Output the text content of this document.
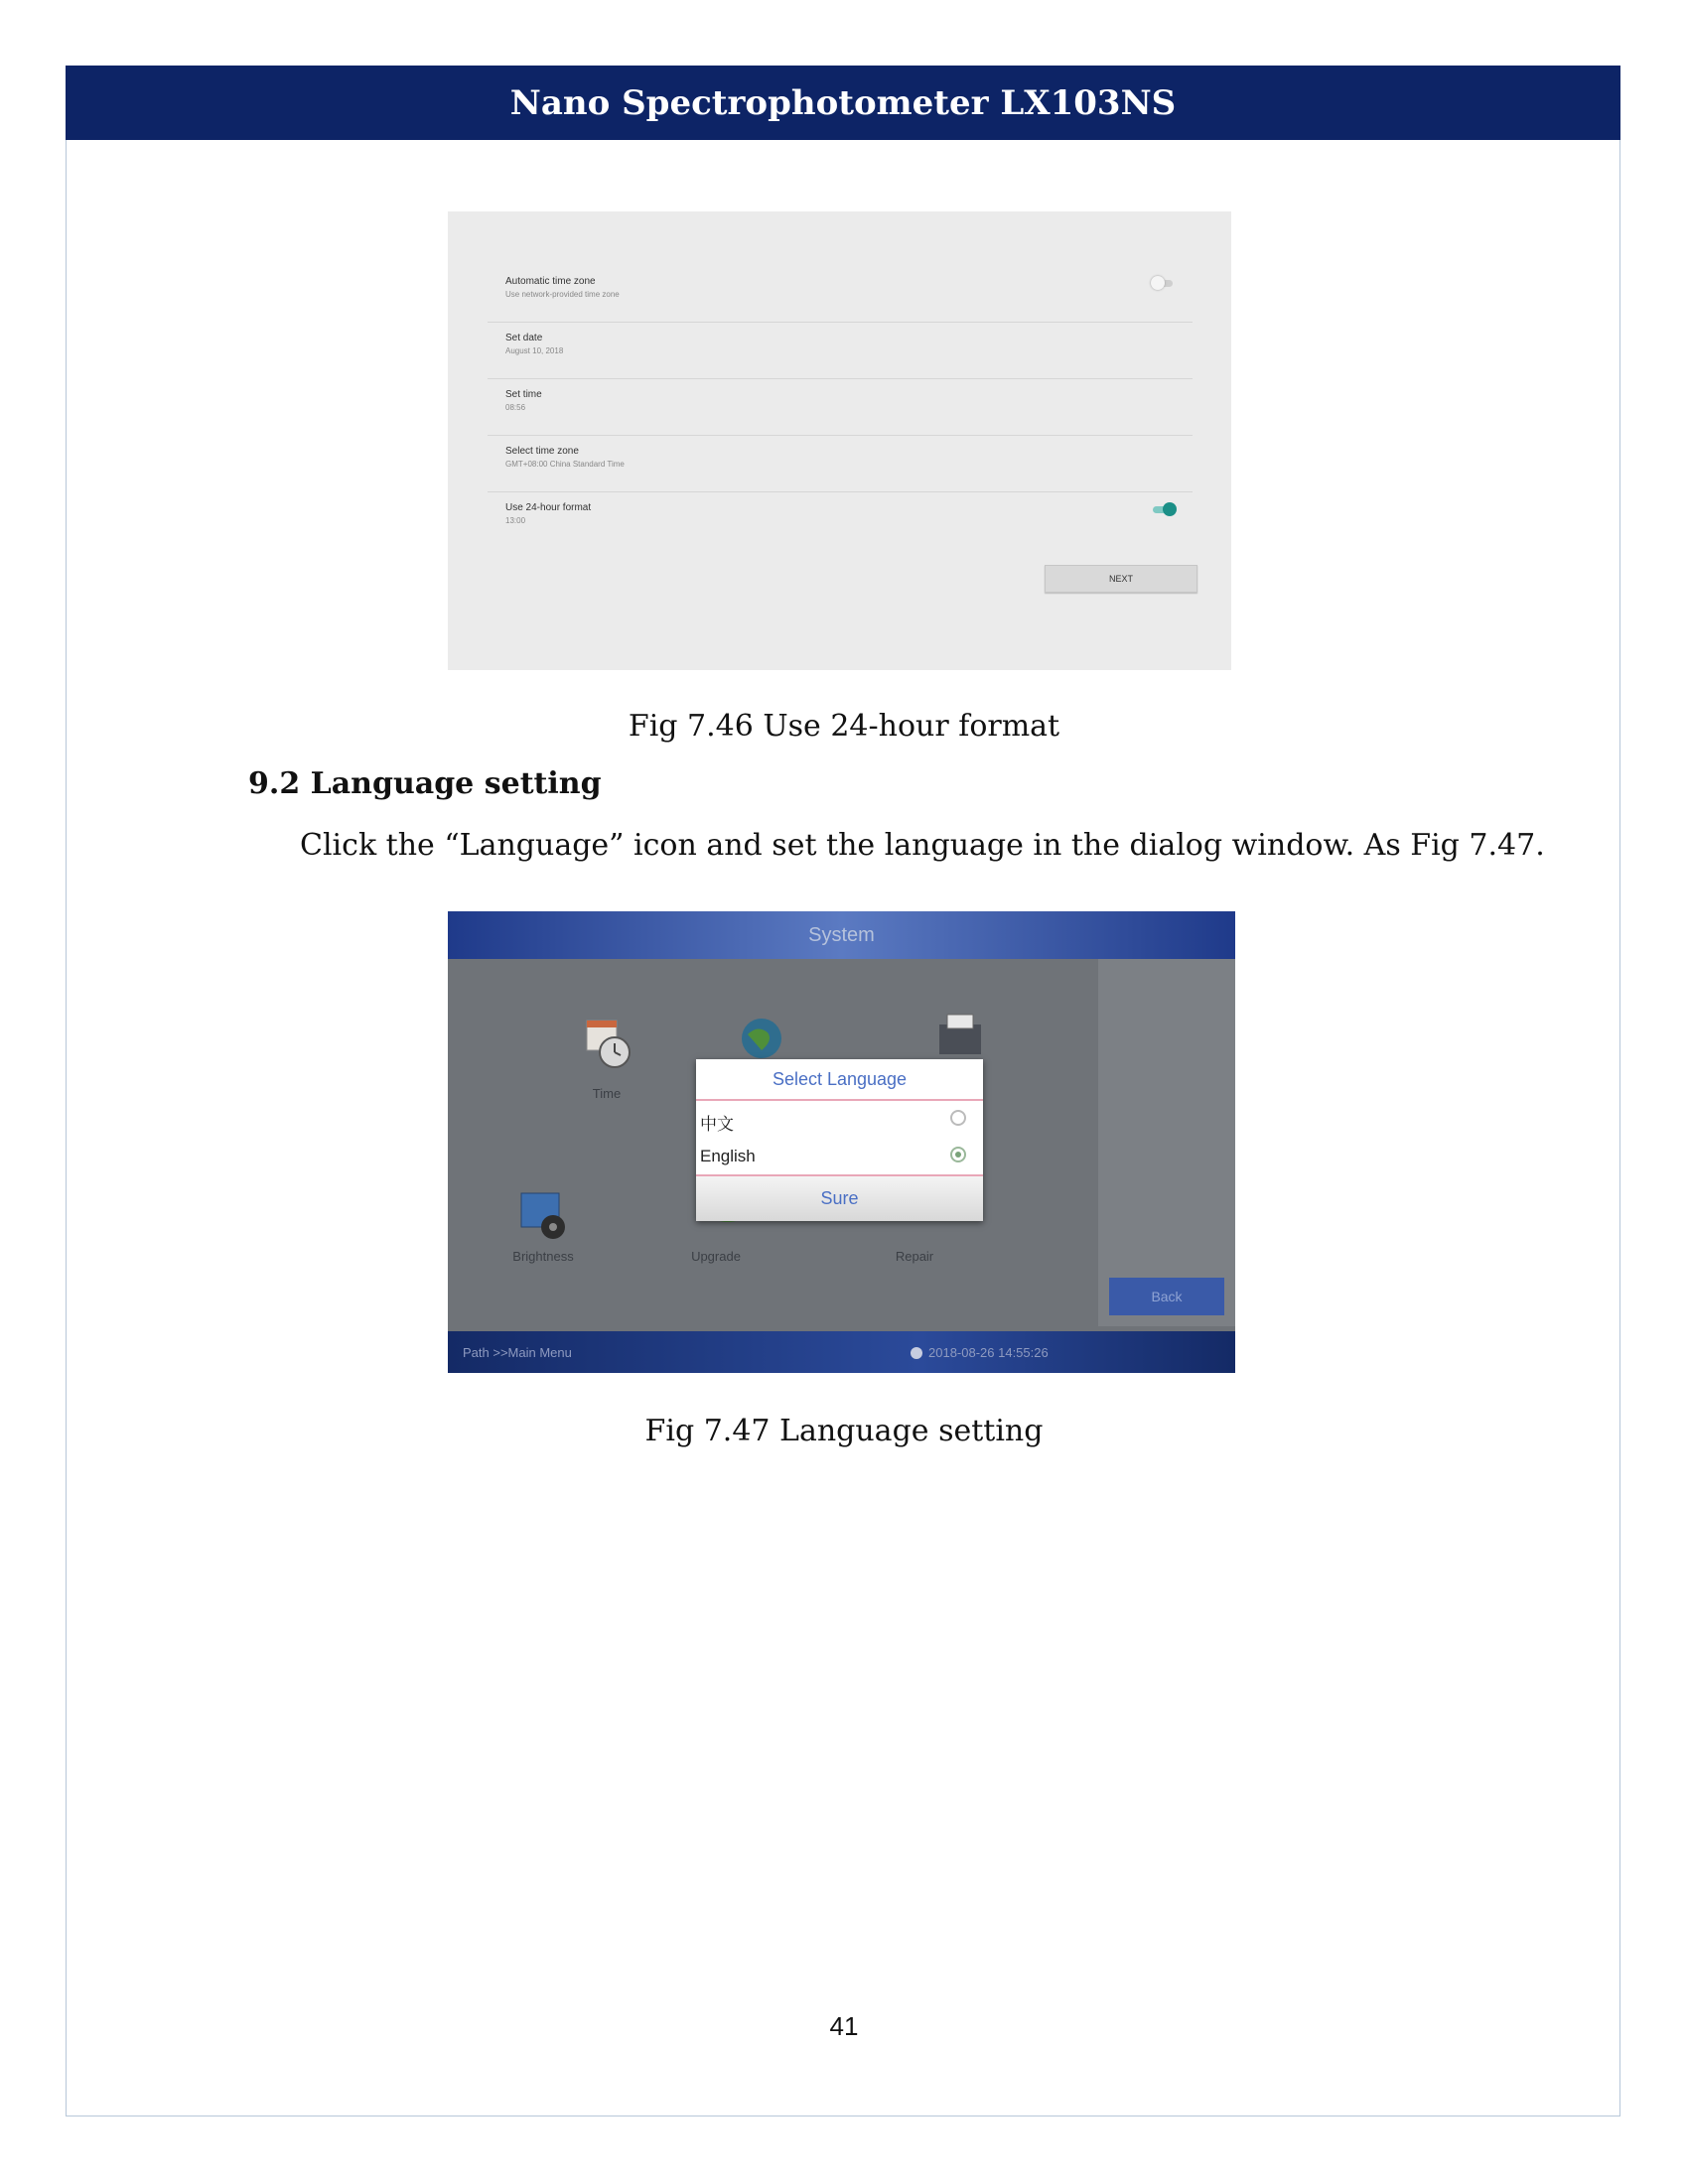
Nano Spectrophotometer LX103NS
Automatic time zone
Use network-provided time zone
Set date
August 10, 2018
Set time
08:56
Select time zone
GMT+08:00 China Standard Time
Use 24-hour format
13:00
NEXT
Fig 7.46 Use 24-hour format
9.2 Language setting
Click the “Language” icon and set the language in the dialog window. As Fig 7.47.
System
Time
Brightness	Upgrade	Repair
Back
Path >>Main Menu	2018-08-26 14:55:26
Select Language
中文
English
Sure
Fig 7.47 Language setting
41
